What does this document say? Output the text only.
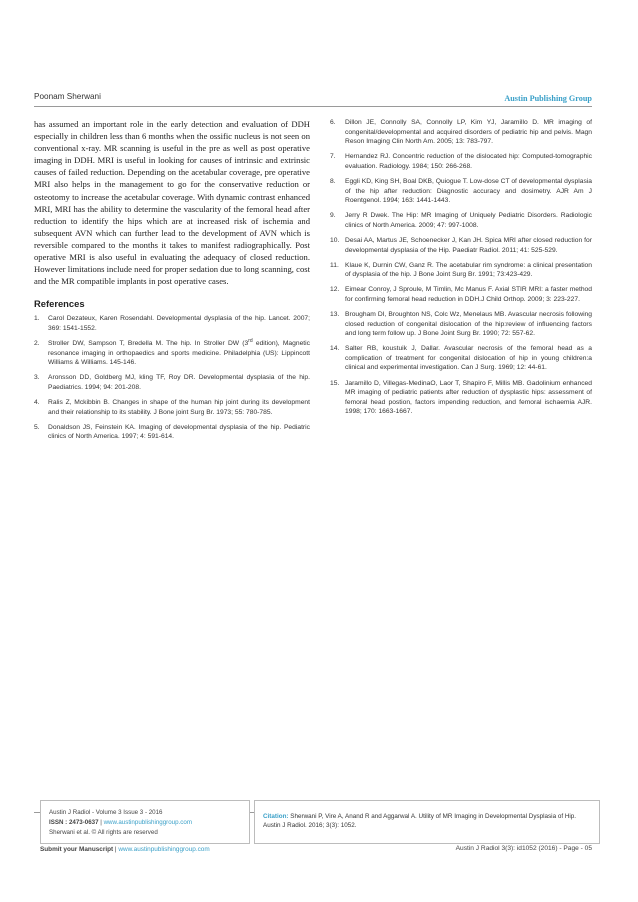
Poonam Sherwani	Austin Publishing Group

has assumed an important role in the early detection and evaluation of DDH especially in children less than 6 months when the ossific nucleus is not seen on conventional x-ray. MR scanning is useful in the pre as well as post operative imaging in DDH. MRI is useful in looking for causes of intrinsic and extrinsic causes of failed reduction. Depending on the acetabular coverage, pre operative MRI also helps in the management to go for the conservative reduction or osteotomy to increase the acetabular coverage. With dynamic contrast enhanced MRI, MRI has the ability to determine the vascularity of the femoral head after reduction to identify the hips which are at increased risk of ischemia and subsequent AVN which can further lead to the development of AVN which is reversible compared to the months it takes to manifest radiographically. Post operative MRI is also useful in evaluating the adequacy of closed reduction. However limitations include need for proper sedation due to long scanning, cost and the MR compatible implants in post operative cases.

References
1.	Carol Dezateux, Karen Rosendahl. Developmental dysplasia of the hip. Lancet. 2007; 369: 1541-1552.
2.	Stroller DW, Sampson T, Bredella M. The hip. In Stroller DW (3rd edition), Magnetic resonance imaging in orthopaedics and sports medicine. Philadelphia (US): Lippincott Williams & Williams. 145-146.
3.	Aronsson DD, Goldberg MJ, kling TF, Roy DR. Developmental dysplasia of the hip. Paediatrics. 1994; 94: 201-208.
4.	Ralis Z, Mckibbin B. Changes in shape of the human hip joint during its development and their relationship to its stability. J Bone joint Surg Br. 1973; 55: 780-785.
5.	Donaldson JS, Feinstein KA. Imaging of developmental dysplasia of the hip. Pediatric clinics of North America. 1997; 4: 591-614.
6.	Dillon JE, Connolly SA, Connolly LP, Kim YJ, Jaramillo D. MR imaging of congenital/developmental and acquired disorders of pediatric hip and pelvis. Magn Reson Imaging Clin North Am. 2005; 13: 783-797.
7.	Hernandez RJ. Concentric reduction of the dislocated hip: Computed-tomographic evaluation. Radiology. 1984; 150: 266-268.
8.	Eggli KD, King SH, Boal DKB, Quiogue T. Low-dose CT of developmental dysplasia of the hip after reduction: Diagnostic accuracy and dosimetry. AJR Am J Roentgenol. 1994; 163: 1441-1443.
9.	Jerry R Dwek. The Hip: MR Imaging of Uniquely Pediatric Disorders. Radiologic clinics of North America. 2009; 47: 997-1008.
10. Desai AA, Martus JE, Schoenecker J, Kan JH. Spica MRI after closed reduction for developmental dysplasia of the Hip. Paediatr Radiol. 2011; 41: 525-529.
11. Klaue K, Durnin CW, Ganz R. The acetabular rim syndrome: a clinical presentation of dysplasia of the hip. J Bone Joint Surg Br. 1991; 73:423-429.
12. Eimear Conroy, J Sproule, M Timlin, Mc Manus F. Axial STIR MRI: a faster method for confirming femoral head reduction in DDH.J Child Orthop. 2009; 3: 223-227.
13. Brougham DI, Broughton NS, Colc Wz, Menelaus MB. Avascular necrosis following closed reduction of congenital dislocation of the hip:review of influencing factors and long term follow up. J Bone Joint Surg Br. 1990; 72: 557-62.
14. Salter RB, koustuik J, Dallar. Avascular necrosis of the femoral head as a complication of treatment for congenital dislocation of hip in young children:a clinical and experimental investigation. Can J Surg. 1969; 12: 44-61.
15. Jaramillo D, Villegas-MedinaO, Laor T, Shapiro F, Millis MB. Gadolinium enhanced MR imaging of pediatric patients after reduction of dysplastic hips: assessment of femoral head postion, factors impending reduction, and femoral ischaemia AJR. 1998; 170: 1663-1667.
Austin J Radiol - Volume 3 Issue 3 - 2016
ISSN : 2473-0637 | www.austinpublishinggroup.com
Sherwani et al. © All rights are reserved
Citation: Sherwani P, Vire A, Anand R and Aggarwal A. Utility of MR Imaging in Developmental Dysplasia of Hip. Austin J Radiol. 2016; 3(3): 1052.
Submit your Manuscript | www.austinpublishinggroup.com	Austin J Radiol 3(3): id1052 (2016) - Page - 05
